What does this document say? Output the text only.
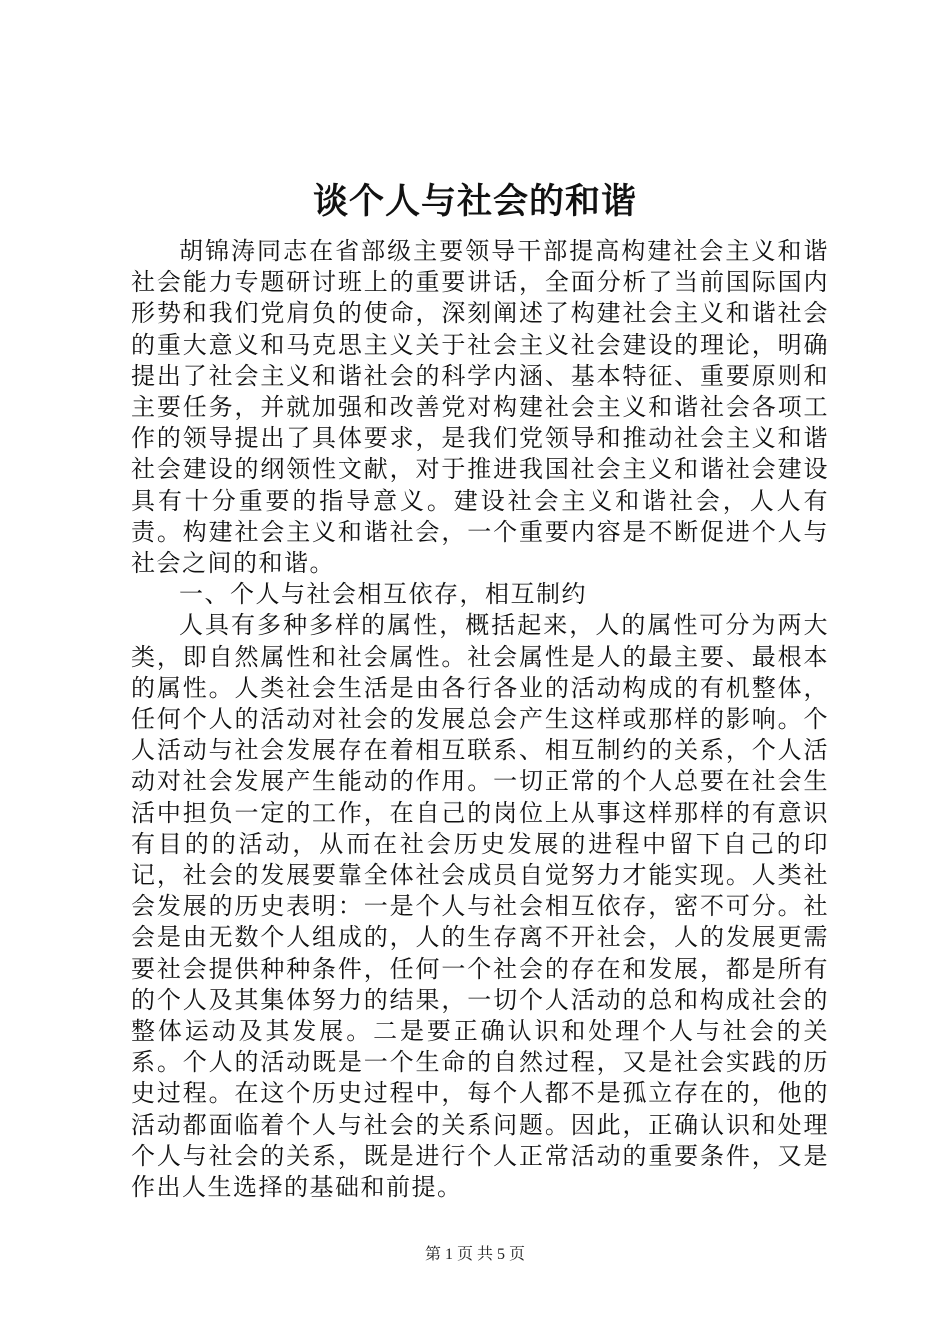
谈个人与社会的和谐

胡锦涛同志在省部级主要领导干部提高构建社会主义和谐社会能力专题研讨班上的重要讲话，全面分析了当前国际国内形势和我们党肩负的使命，深刻阐述了构建社会主义和谐社会的重大意义和马克思主义关于社会主义社会建设的理论，明确提出了社会主义和谐社会的科学内涵、基本特征、重要原则和主要任务，并就加强和改善党对构建社会主义和谐社会各项工作的领导提出了具体要求，是我们党领导和推动社会主义和谐社会建设的纲领性文献，对于推进我国社会主义和谐社会建设具有十分重要的指导意义。建设社会主义和谐社会，人人有责。构建社会主义和谐社会，一个重要内容是不断促进个人与社会之间的和谐。

一、个人与社会相互依存，相互制约

人具有多种多样的属性，概括起来，人的属性可分为两大类，即自然属性和社会属性。社会属性是人的最主要、最根本的属性。人类社会生活是由各行各业的活动构成的有机整体，任何个人的活动对社会的发展总会产生这样或那样的影响。个人活动与社会发展存在着相互联系、相互制约的关系，个人活动对社会发展产生能动的作用。一切正常的个人总要在社会生活中担负一定的工作，在自己的岗位上从事这样那样的有意识有目的的活动，从而在社会历史发展的进程中留下自己的印记，社会的发展要靠全体社会成员自觉努力才能实现。人类社会发展的历史表明：一是个人与社会相互依存，密不可分。社会是由无数个人组成的，人的生存离不开社会，人的发展更需要社会提供种种条件，任何一个社会的存在和发展，都是所有的个人及其集体努力的结果，一切个人活动的总和构成社会的整体运动及其发展。二是要正确认识和处理个人与社会的关系。个人的活动既是一个生命的自然过程，又是社会实践的历史过程。在这个历史过程中，每个人都不是孤立存在的，他的活动都面临着个人与社会的关系问题。因此，正确认识和处理个人与社会的关系，既是进行个人正常活动的重要条件，又是作出人生选择的基础和前提。

第 1 页 共 5 页
